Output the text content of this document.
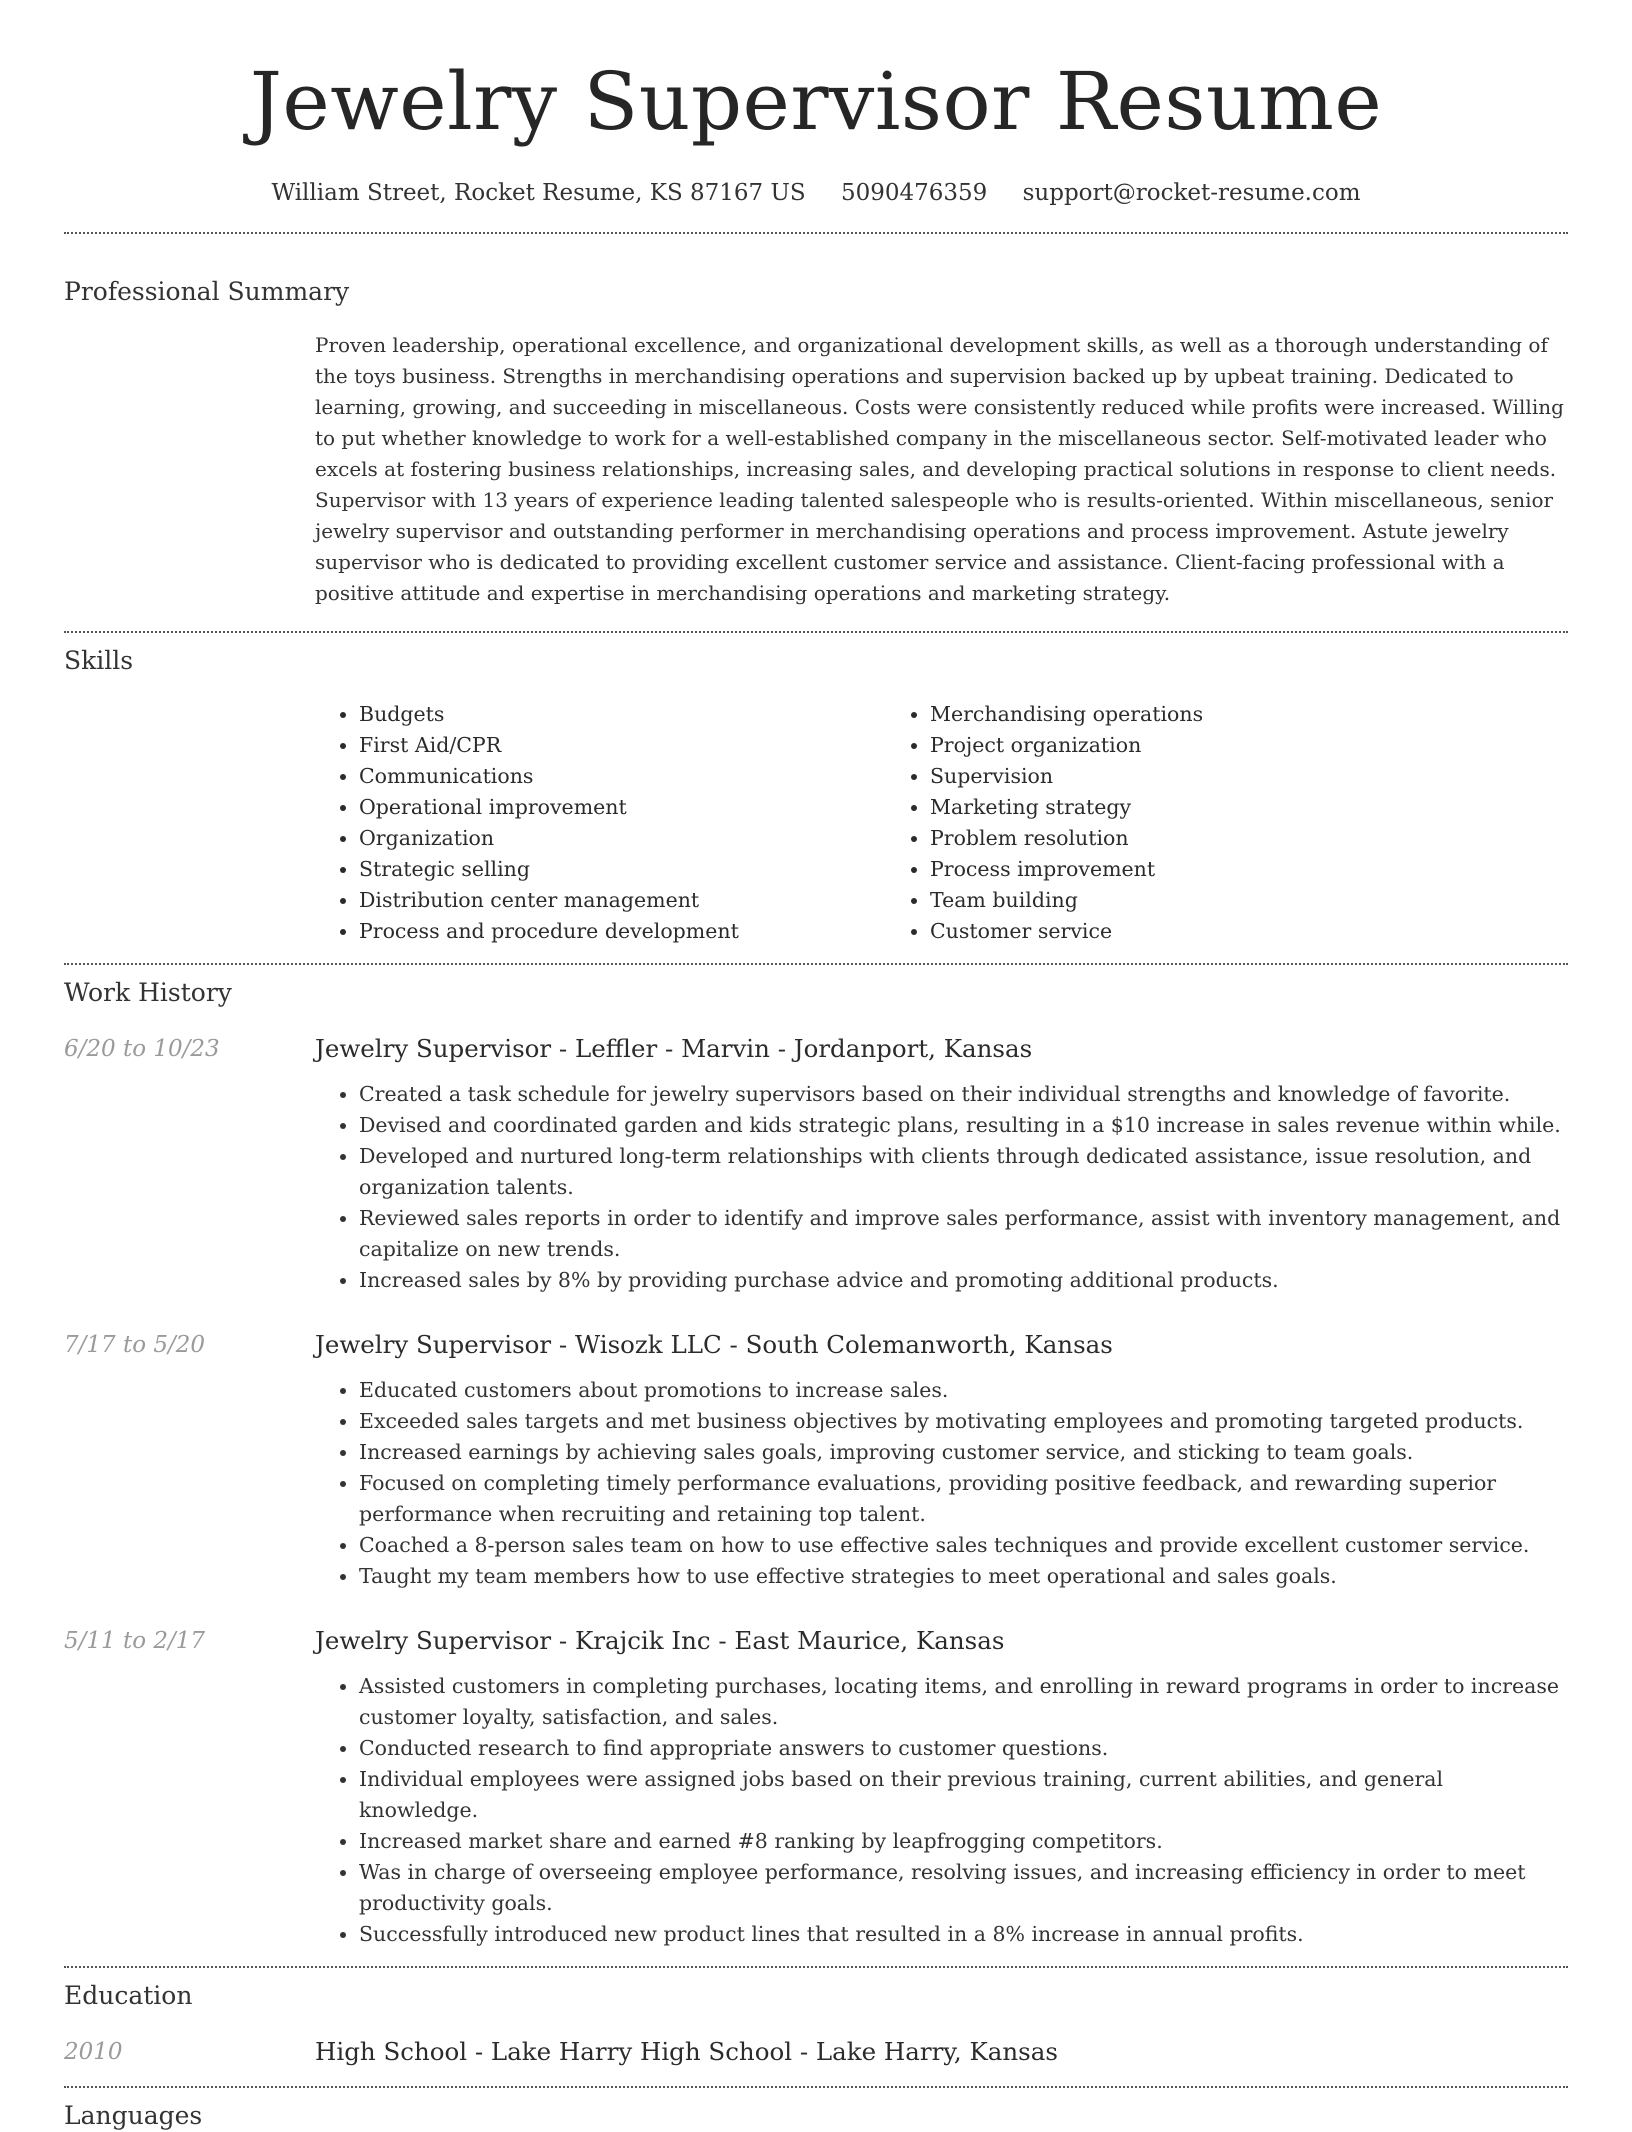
Jewelry Supervisor Resume
William Street, Rocket Resume, KS 87167 US 5090476359 support@rocket-resume.com
Professional Summary

Proven leadership, operational excellence, and organizational development skills, as well as a thorough understanding of the toys business. Strengths in merchandising operations and supervision backed up by upbeat training. Dedicated to learning, growing, and succeeding in miscellaneous. Costs were consistently reduced while profits were increased. Willing to put whether knowledge to work for a well-established company in the miscellaneous sector. Self-motivated leader who excels at fostering business relationships, increasing sales, and developing practical solutions in response to client needs. Supervisor with 13 years of experience leading talented salespeople who is results-oriented. Within miscellaneous, senior jewelry supervisor and outstanding performer in merchandising operations and process improvement. Astute jewelry supervisor who is dedicated to providing excellent customer service and assistance. Client-facing professional with a positive attitude and expertise in merchandising operations and marketing strategy.

Skills
• Budgets
• First Aid/CPR
• Communications
• Operational improvement
• Organization
• Strategic selling
• Distribution center management
• Process and procedure development
• Merchandising operations
• Project organization
• Supervision
• Marketing strategy
• Problem resolution
• Process improvement
• Team building
• Customer service
Work History
6/20 to 10/23	Jewelry Supervisor - Leffler - Marvin - Jordanport, Kansas
• Created a task schedule for jewelry supervisors based on their individual strengths and knowledge of favorite.
• Devised and coordinated garden and kids strategic plans, resulting in a $10 increase in sales revenue within while.
• Developed and nurtured long-term relationships with clients through dedicated assistance, issue resolution, and organization talents.
• Reviewed sales reports in order to identify and improve sales performance, assist with inventory management, and capitalize on new trends.
• Increased sales by 8% by providing purchase advice and promoting additional products.
7/17 to 5/20	Jewelry Supervisor - Wisozk LLC - South Colemanworth, Kansas
• Educated customers about promotions to increase sales.
• Exceeded sales targets and met business objectives by motivating employees and promoting targeted products.
• Increased earnings by achieving sales goals, improving customer service, and sticking to team goals.
• Focused on completing timely performance evaluations, providing positive feedback, and rewarding superior performance when recruiting and retaining top talent.
• Coached a 8-person sales team on how to use effective sales techniques and provide excellent customer service.
• Taught my team members how to use effective strategies to meet operational and sales goals.
5/11 to 2/17	Jewelry Supervisor - Krajcik Inc - East Maurice, Kansas
• Assisted customers in completing purchases, locating items, and enrolling in reward programs in order to increase customer loyalty, satisfaction, and sales.
• Conducted research to find appropriate answers to customer questions.
• Individual employees were assigned jobs based on their previous training, current abilities, and general knowledge.
• Increased market share and earned #8 ranking by leapfrogging competitors.
• Was in charge of overseeing employee performance, resolving issues, and increasing efficiency in order to meet productivity goals.
• Successfully introduced new product lines that resulted in a 8% increase in annual profits.
Education
2010	High School - Lake Harry High School - Lake Harry, Kansas
Languages
